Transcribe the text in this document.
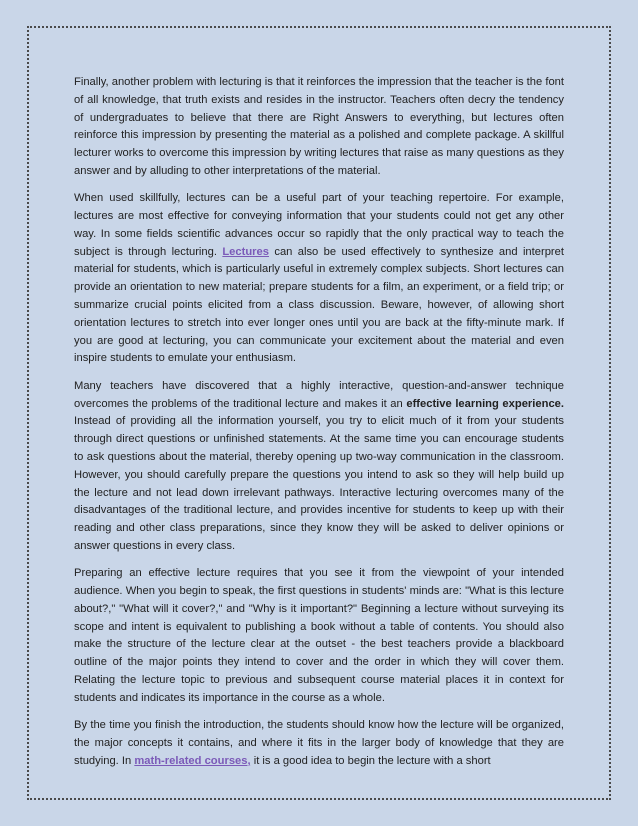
Finally, another problem with lecturing is that it reinforces the impression that the teacher is the font of all knowledge, that truth exists and resides in the instructor. Teachers often decry the tendency of undergraduates to believe that there are Right Answers to everything, but lectures often reinforce this impression by presenting the material as a polished and complete package. A skillful lecturer works to overcome this impression by writing lectures that raise as many questions as they answer and by alluding to other interpretations of the material.

When used skillfully, lectures can be a useful part of your teaching repertoire. For example, lectures are most effective for conveying information that your students could not get any other way. In some fields scientific advances occur so rapidly that the only practical way to teach the subject is through lecturing. Lectures can also be used effectively to synthesize and interpret material for students, which is particularly useful in extremely complex subjects. Short lectures can provide an orientation to new material; prepare students for a film, an experiment, or a field trip; or summarize crucial points elicited from a class discussion. Beware, however, of allowing short orientation lectures to stretch into ever longer ones until you are back at the fifty-minute mark. If you are good at lecturing, you can communicate your excitement about the material and even inspire students to emulate your enthusiasm.

Many teachers have discovered that a highly interactive, question-and-answer technique overcomes the problems of the traditional lecture and makes it an effective learning experience. Instead of providing all the information yourself, you try to elicit much of it from your students through direct questions or unfinished statements. At the same time you can encourage students to ask questions about the material, thereby opening up two-way communication in the classroom. However, you should carefully prepare the questions you intend to ask so they will help build up the lecture and not lead down irrelevant pathways. Interactive lecturing overcomes many of the disadvantages of the traditional lecture, and provides incentive for students to keep up with their reading and other class preparations, since they know they will be asked to deliver opinions or answer questions in every class.

Preparing an effective lecture requires that you see it from the viewpoint of your intended audience. When you begin to speak, the first questions in students' minds are: "What is this lecture about?," "What will it cover?," and "Why is it important?" Beginning a lecture without surveying its scope and intent is equivalent to publishing a book without a table of contents. You should also make the structure of the lecture clear at the outset - the best teachers provide a blackboard outline of the major points they intend to cover and the order in which they will cover them. Relating the lecture topic to previous and subsequent course material places it in context for students and indicates its importance in the course as a whole.

By the time you finish the introduction, the students should know how the lecture will be organized, the major concepts it contains, and where it fits in the larger body of knowledge that they are studying. In math-related courses, it is a good idea to begin the lecture with a short
